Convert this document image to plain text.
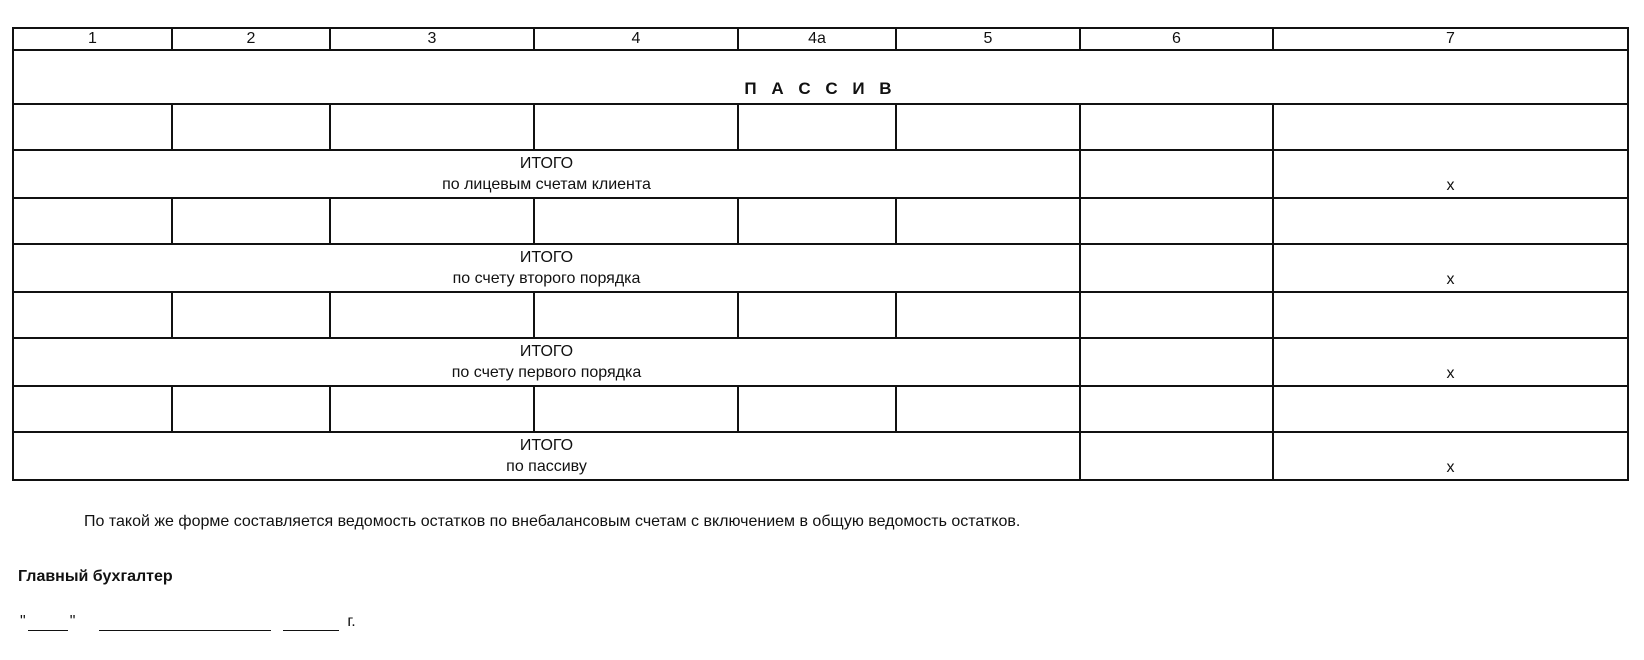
1	2	3	4	4а	5	6	7
П А С С И В							

ИТОГО
по лицевым счетам клиента							х

ИТОГО
по счету второго порядка							х

ИТОГО
по счету первого порядка							х

ИТОГО
по пассиву							х
По такой же форме составляется ведомость остатков по внебалансовым счетам с включением в общую ведомость остатков.
Главный бухгалтер
"	"	г.
